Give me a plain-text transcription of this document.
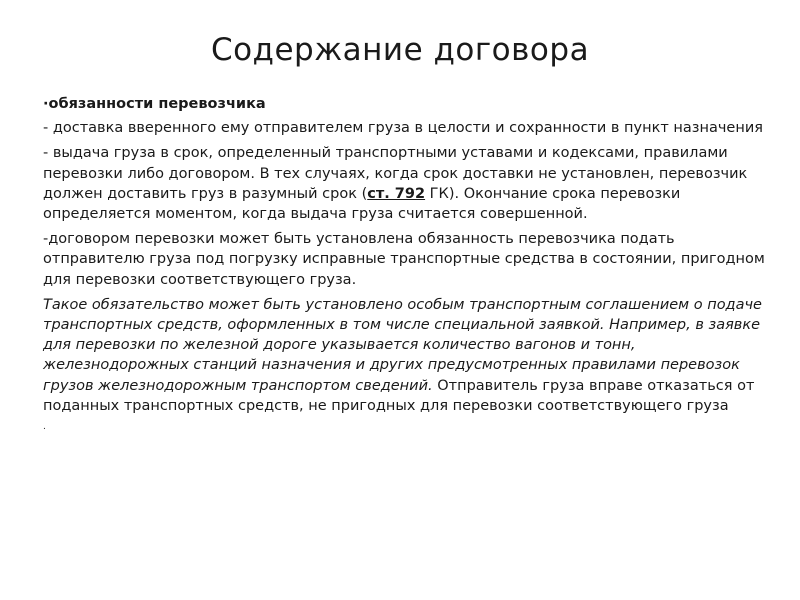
Содержание договора
·обязанности перевозчика
- доставка вверенного ему отправителем груза в целости и сохранности в пункт назначения
- выдача груза в срок, определенный транспортными уставами и кодексами, правилами перевозки либо договором. В тех случаях, когда срок доставки не установлен, перевозчик должен доставить груз в разумный срок (ст. 792 ГК). Окончание срока перевозки определяется моментом, когда выдача груза считается совершенной.
-договором перевозки может быть установлена обязанность перевозчика подать отправителю груза под погрузку исправные транспортные средства в состоянии, пригодном для перевозки соответствующего груза.
Такое обязательство может быть установлено особым транспортным соглашением о подаче транспортных средств, оформленных в том числе специальной заявкой. Например, в заявке для перевозки по железной дороге указывается количество вагонов и тонн, железнодорожных станций назначения и других предусмотренных правилами перевозок грузов железнодорожным транспортом сведений. Отправитель груза вправе отказаться от поданных транспортных средств, не пригодных для перевозки соответствующего груза
.
